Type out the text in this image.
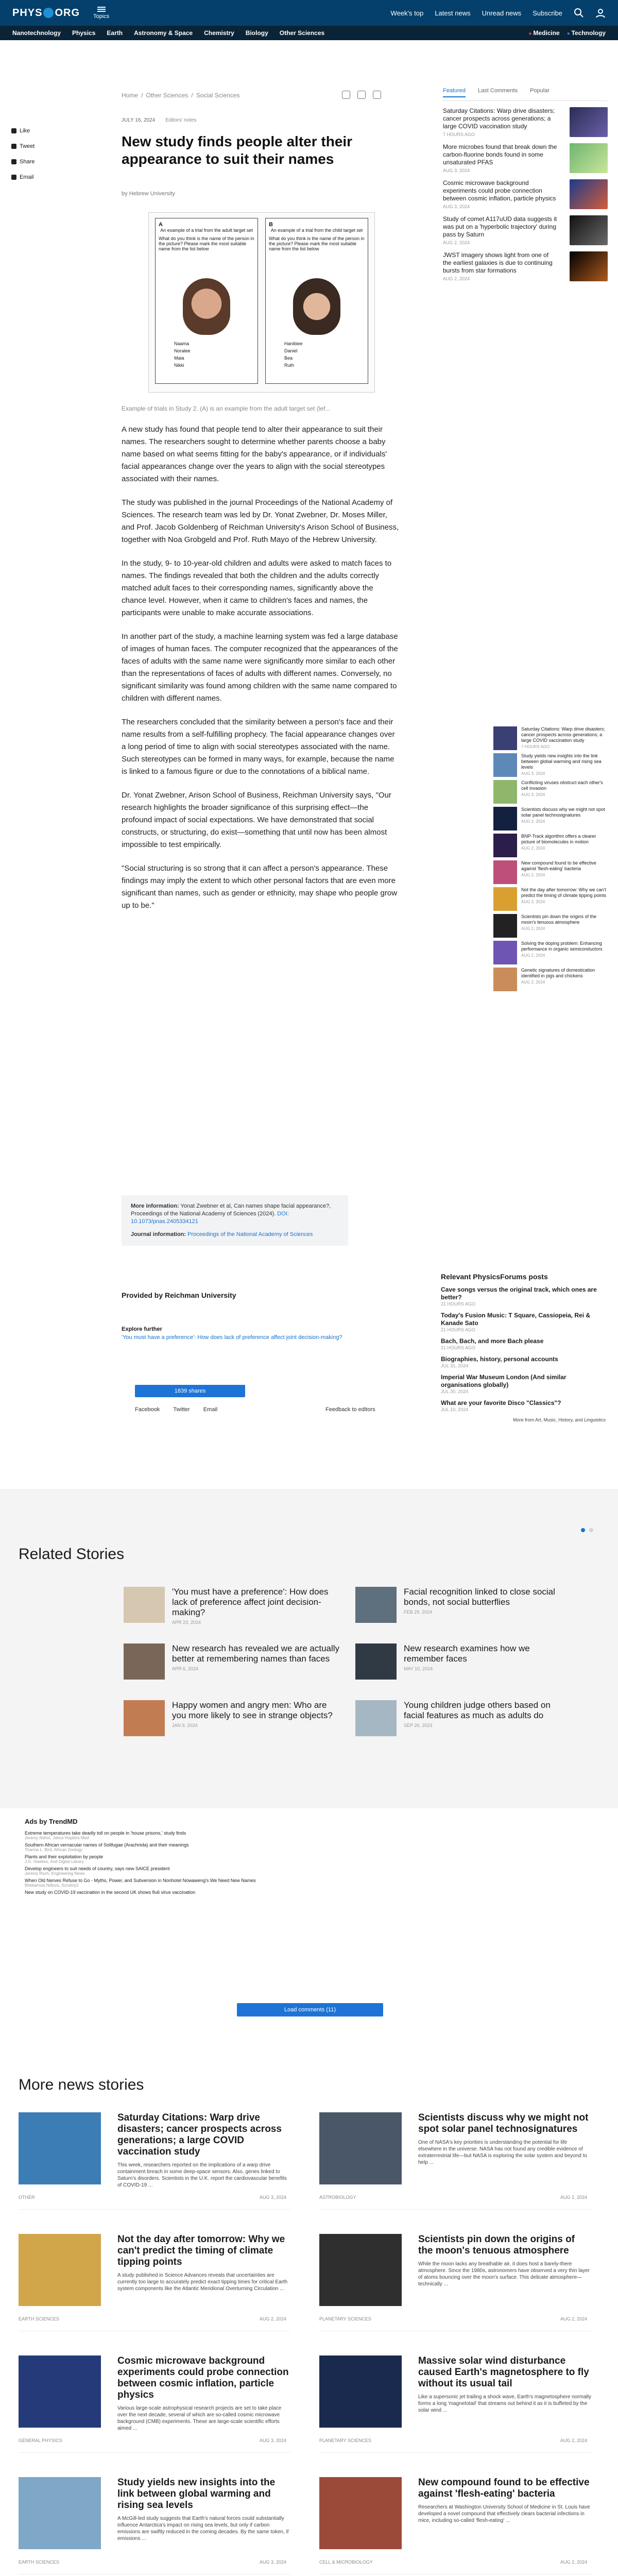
PHYS ORG Topics	Week's top Latest news Unread news Subscribe
Nanotechnology Physics Earth Astronomy & Space Chemistry Biology Other Sciences	● Medicine	● Technology
Like
Tweet
Share
Email
Home / Other Sciences / Social Sciences
JULY 16, 2024 Editors' notes
New study finds people alter their appearance to suit their names
by Hebrew University
A
An example of a trial from the adult target set
What do you think is the name of the person in the picture? Please mark the most suitable name from the list below
Naama
Noralee
Maia
Nikki
B
An example of a trial from the child target set
What do you think is the name of the person in the picture? Please mark the most suitable name from the list below
Hanibiee
Daniel
Bea
Ruth
Example of trials in Study 2. (A) is an example from the adult target set (lef...

A new study has found that people tend to alter their appearance to suit their names. The researchers sought to determine whether parents choose a baby name based on what seems fitting for the baby's appearance, or if individuals' facial appearances change over the years to align with the social stereotypes associated with their names.

The study was published in the journal Proceedings of the National Academy of Sciences. The research team was led by Dr. Yonat Zwebner, Dr. Moses Miller, and Prof. Jacob Goldenberg of Reichman University's Arison School of Business, together with Noa Grobgeld and Prof. Ruth Mayo of the Hebrew University.

In the study, 9- to 10-year-old children and adults were asked to match faces to names. The findings revealed that both the children and the adults correctly matched adult faces to their corresponding names, significantly above the chance level. However, when it came to children's faces and names, the participants were unable to make accurate associations.

In another part of the study, a machine learning system was fed a large database of images of human faces. The computer recognized that the appearances of the faces of adults with the same name were significantly more similar to each other than the representations of faces of adults with different names. Conversely, no significant similarity was found among children with the same name compared to children with different names.

The researchers concluded that the similarity between a person's face and their name results from a self-fulfilling prophecy. The facial appearance changes over a long period of time to align with social stereotypes associated with the name. Such stereotypes can be formed in many ways, for example, because the name is linked to a famous figure or due to the connotations of a biblical name.

Dr. Yonat Zwebner, Arison School of Business, Reichman University says, "Our research highlights the broader significance of this surprising effect—the profound impact of social expectations. We have demonstrated that social constructs, or structuring, do exist—something that until now has been almost impossible to test empirically.

"Social structuring is so strong that it can affect a person's appearance. These findings may imply the extent to which other personal factors that are even more significant than names, such as gender or ethnicity, may shape who people grow up to be."

More information: Yonat Zwebner et al, Can names shape facial appearance?, Proceedings of the National Academy of Sciences (2024). DOI: 10.1073/pnas.2405334121
Journal information: Proceedings of the National Academy of Sciences
Provided by Reichman University
Explore further
'You must have a preference': How does lack of preference affect joint decision-making?
1839 shares
Facebook Twitter Email	Feedback to editors
Featured Last Comments Popular
Saturday Citations: Warp drive disasters; cancer prospects across generations; a large COVID vaccination study
7 HOURS AGO
More microbes found that break down the carbon-fluorine bonds found in some unsaturated PFAS
AUG 3, 2024
Cosmic microwave background experiments could probe connection between cosmic inflation, particle physics
AUG 3, 2024
Study of comet A117uUD data suggests it was put on a 'hyperbolic trajectory' during pass by Saturn
AUG 2, 2024
JWST imagery shows light from one of the earliest galaxies is due to continuing bursts from star formations
AUG 2, 2024
Saturday Citations: Warp drive disasters; cancer prospects across generations; a large COVID vaccination study
7 HOURS AGO
Study yields new insights into the link between global warming and rising sea levels
AUG 3, 2024
Conflicting viruses obstruct each other's cell invasion
AUG 3, 2024
Scientists discuss why we might not spot solar panel technosignatures
AUG 2, 2024
BNP-Track algorithm offers a clearer picture of biomolecules in motion
AUG 2, 2024
New compound found to be effective against 'flesh-eating' bacteria
AUG 2, 2024
Not the day after tomorrow: Why we can't predict the timing of climate tipping points
AUG 2, 2024
Scientists pin down the origins of the moon's tenuous atmosphere
AUG 2, 2024
Solving the doping problem: Enhancing performance in organic semiconductors
AUG 2, 2024
Genetic signatures of domestication identified in pigs and chickens
AUG 2, 2024
Relevant PhysicsForums posts
Cave songs versus the original track, which ones are better?
21 HOURS AGO
Today's Fusion Music: T Square, Cassiopeia, Rei & Kanade Sato
21 HOURS AGO
Bach, Bach, and more Bach please
21 HOURS AGO
Biographies, history, personal accounts
JUL 31, 2024
Imperial War Museum London (And similar organisations globally)
JUL 30, 2024
What are your favorite Disco "Classics"?
JUL 10, 2024
More from Art, Music, History, and Linguistics
Related Stories
'You must have a preference': How does lack of preference affect joint decision-making?
APR 23, 2024
Facial recognition linked to close social bonds, not social butterflies
FEB 29, 2024
New research has revealed we are actually better at remembering names than faces
APR 6, 2024
New research examines how we remember faces
MAY 10, 2024
Happy women and angry men: Who are you more likely to see in strange objects?
JAN 9, 2024
Young children judge others based on facial features as much as adults do
SEP 26, 2023
Ads by TrendMD
Extreme temperatures take deadly toll on people in 'house prisons,' study finds
Jeremy Rehm, Johns Hopkins Med
Southern African vernacular names of Solifugae (Arachnida) and their meanings
Tharina L. Bird, African Zoology
Plants and their exploitation by people
J.G. Hawkes, Arid Digital Library
Develop engineers to suit needs of country, says new SAICE president
Jeremy Ruch, Engineering News
When Old Nerves Refuse to Go - Myths, Power, and Subversion in Nonhotel Nowaweng's We Need New Names
Bhekamusi Ndlovu, Scrutiny2
New study on COVID-19 vaccination in the second UK shows flu6 virus vaccination
Load comments (11)
More news stories
Saturday Citations: Warp drive disasters; cancer prospects across generations; a large COVID vaccination study
This week, researchers reported on the implications of a warp drive containment breach in some deep-space sensors. Also, genes linked to Saturn's disorders. Scientists in the U.K. report the cardiovascular benefits of COVID-19 ...
OTHER	AUG 3, 2024
Scientists discuss why we might not spot solar panel technosignatures
One of NASA's key priorities is understanding the potential for life elsewhere in the universe. NASA has not found any credible evidence of extraterrestrial life—but NASA is exploring the solar system and beyond to help ...
ASTROBIOLOGY	AUG 2, 2024
Not the day after tomorrow: Why we can't predict the timing of climate tipping points
A study published in Science Advances reveals that uncertainties are currently too large to accurately predict exact tipping times for critical Earth system components like the Atlantic Meridional Overturning Circulation ...
EARTH SCIENCES	AUG 2, 2024
Scientists pin down the origins of the moon's tenuous atmosphere
While the moon lacks any breathable air, it does host a barely-there atmosphere. Since the 1980s, astronomers have observed a very thin layer of atoms bouncing over the moon's surface. This delicate atmosphere—technically ...
PLANETARY SCIENCES	AUG 2, 2024
Cosmic microwave background experiments could probe connection between cosmic inflation, particle physics
Various large-scale astrophysical research projects are set to take place over the next decade, several of which are so-called cosmic microwave background (CMB) experiments. These are large-scale scientific efforts aimed ...
GENERAL PHYSICS	AUG 3, 2024
Massive solar wind disturbance caused Earth's magnetosphere to fly without its usual tail
Like a supersonic jet trailing a shock wave, Earth's magnetosphere normally forms a long 'magnetotail' that streams out behind it as it is buffeted by the solar wind ...
PLANETARY SCIENCES	AUG 2, 2024
Study yields new insights into the link between global warming and rising sea levels
A McGill-led study suggests that Earth's natural forces could substantially influence Antarctica's impact on rising sea levels, but only if carbon emissions are swiftly reduced in the coming decades. By the same token, if emissions ...
EARTH SCIENCES	AUG 3, 2024
New compound found to be effective against 'flesh-eating' bacteria
Researchers at Washington University School of Medicine in St. Louis have developed a novel compound that effectively clears bacterial infections in mice, including so-called 'flesh-eating' ...
CELL & MICROBIOLOGY	AUG 2, 2024
